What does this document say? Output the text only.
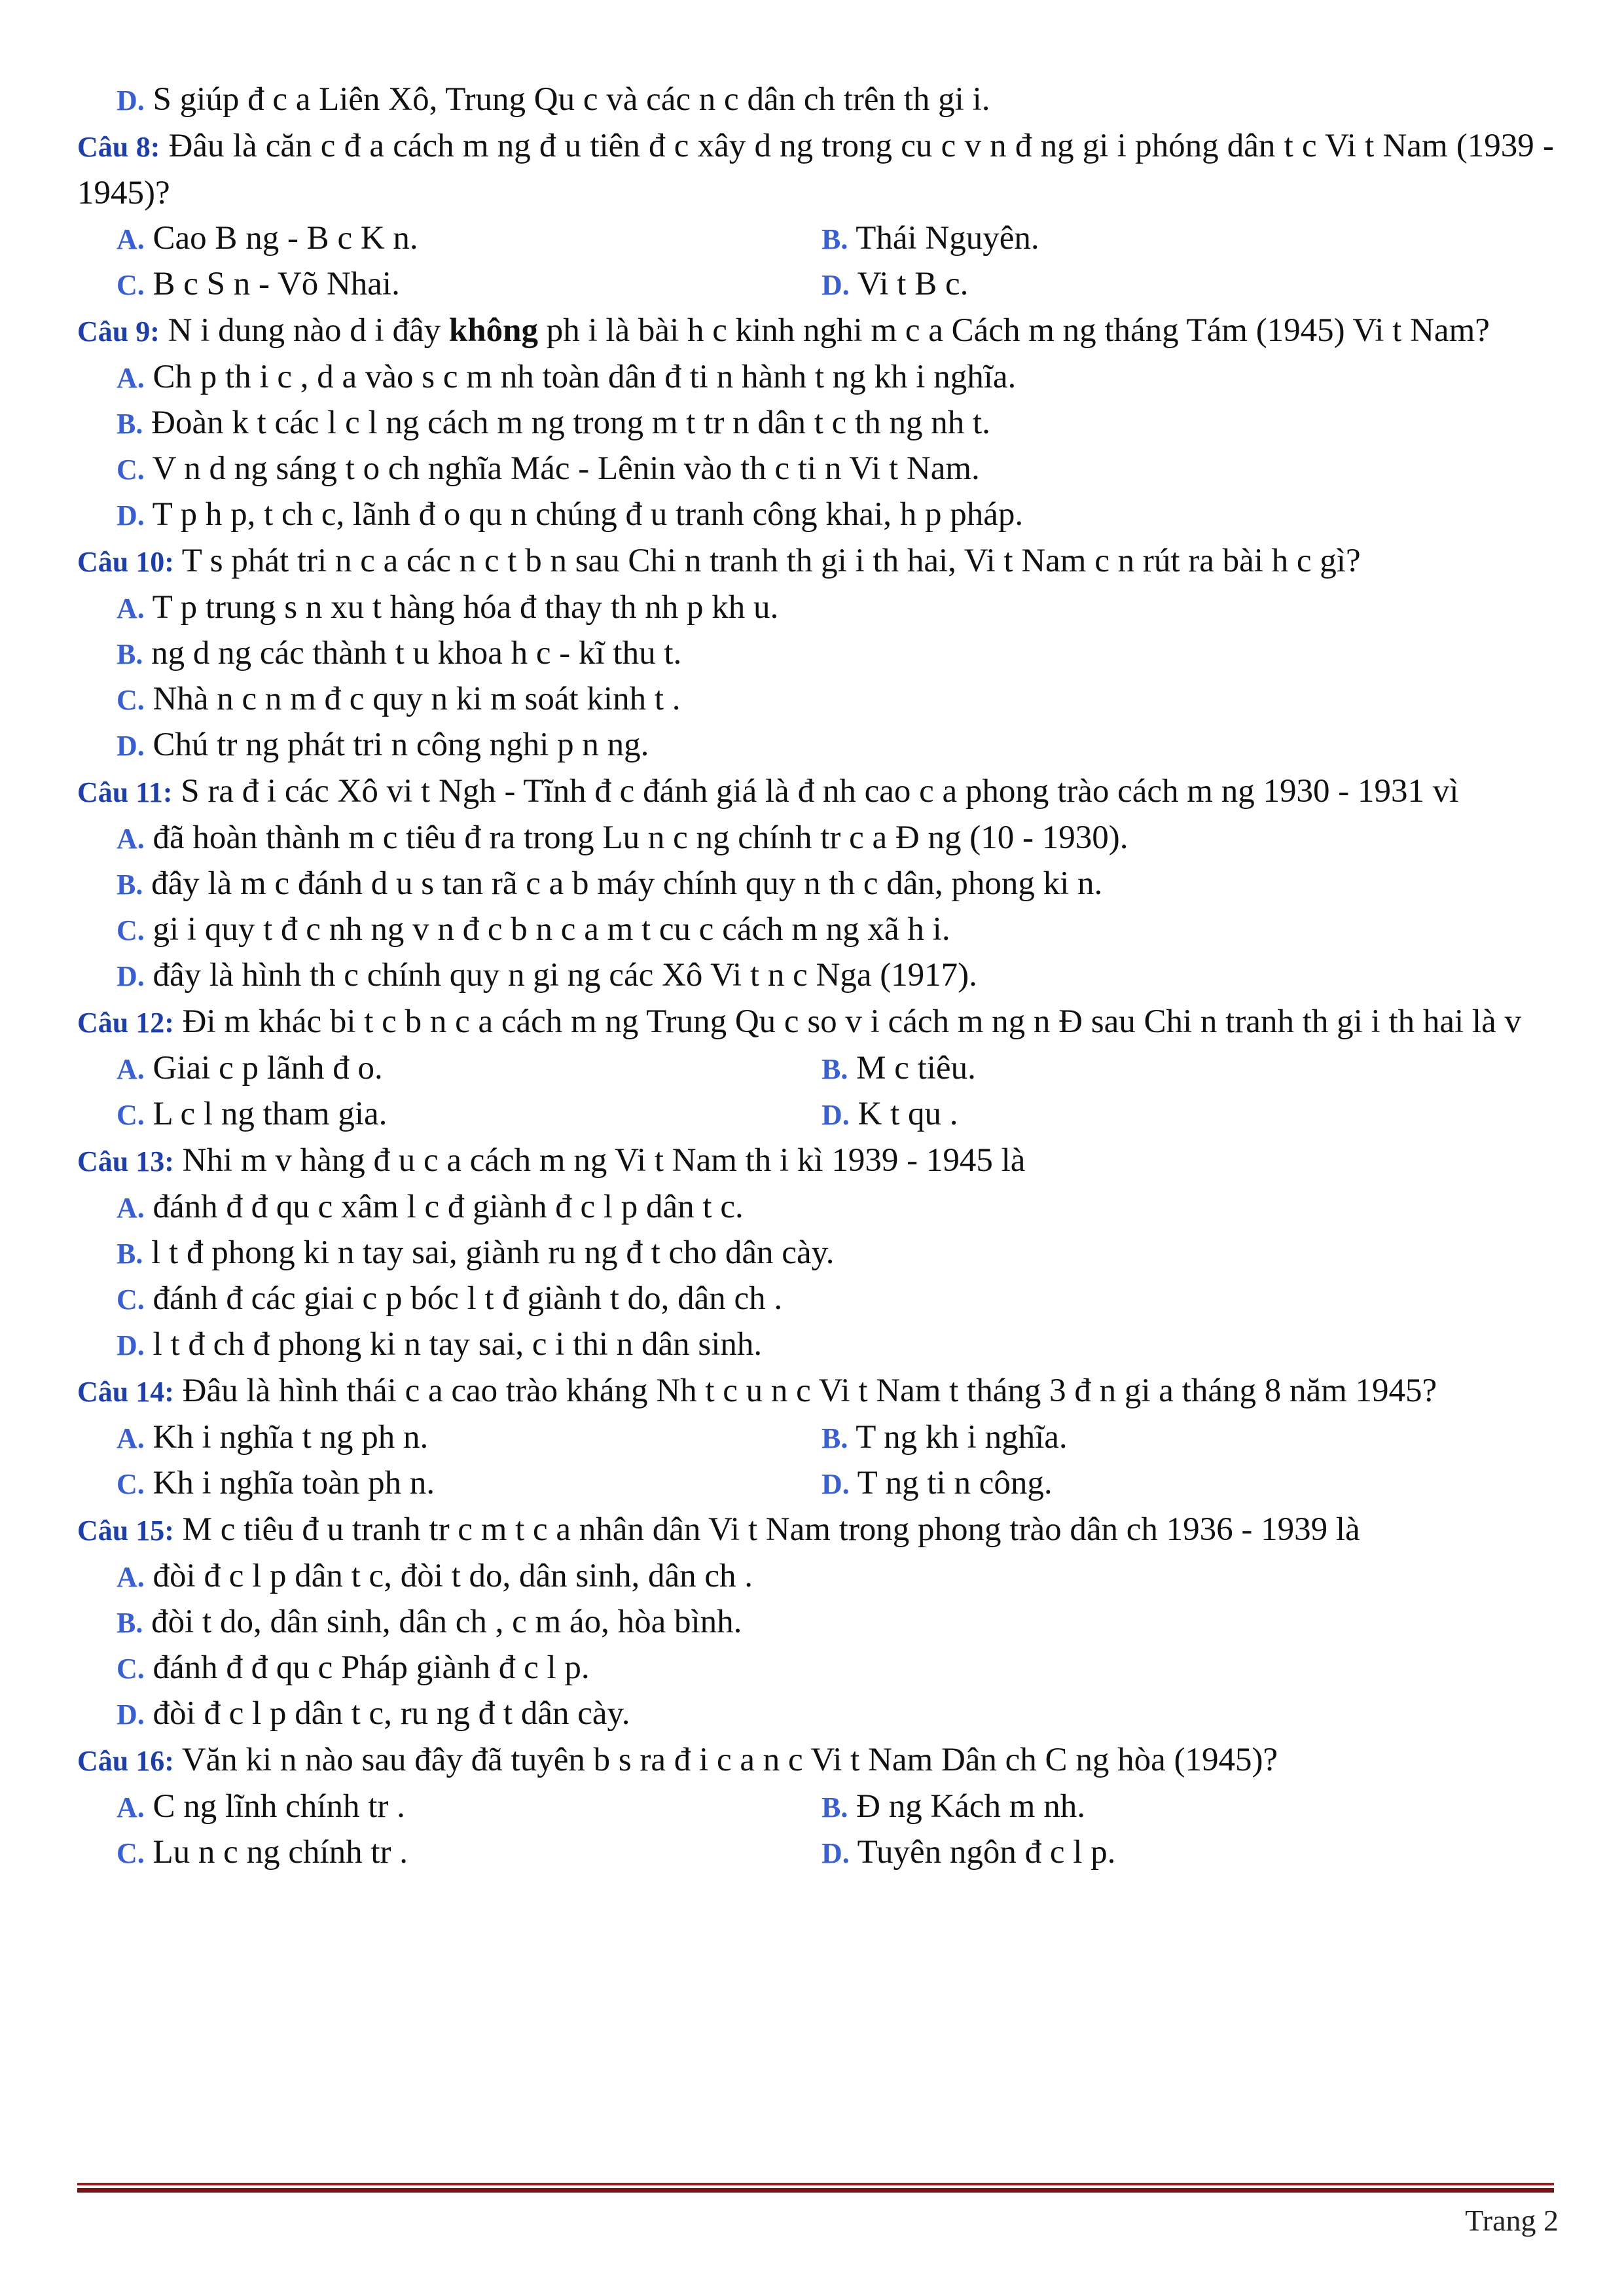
D. S giúp đ c a Liên Xô, Trung Qu c và các n c dân ch trên th gi i.

Câu 8: Đâu là căn c đ a cách m ng đ u tiên đ c xây d ng trong cu c v n đ ng gi i phóng dân t c Vi t Nam (1939 - 1945)?

A. Cao B ng - B c K n.	B. Thái Nguyên.

C. B c S n - Võ Nhai.	D. Vi t B c.

Câu 9: N i dung nào d i đây không ph i là bài h c kinh nghi m c a Cách m ng tháng Tám (1945) Vi t Nam?

A. Ch p th i c , d a vào s c m nh toàn dân đ ti n hành t ng kh i nghĩa.

B. Đoàn k t các l c l ng cách m ng trong m t tr n dân t c th ng nh t.

C. V n d ng sáng t o ch nghĩa Mác - Lênin vào th c ti n Vi t Nam.

D. T p h p, t ch c, lãnh đ o qu n chúng đ u tranh công khai, h p pháp.

Câu 10: T s phát tri n c a các n c t b n sau Chi n tranh th gi i th hai, Vi t Nam c n rút ra bài h c gì?

A. T p trung s n xu t hàng hóa đ thay th nh p kh u.

B. ng d ng các thành t u khoa h c - kĩ thu t.

C. Nhà n c n m đ c quy n ki m soát kinh t .

D. Chú tr ng phát tri n công nghi p n ng.

Câu 11: S ra đ i các Xô vi t Ngh - Tĩnh đ c đánh giá là đ nh cao c a phong trào cách m ng 1930 - 1931 vì

A. đã hoàn thành m c tiêu đ ra trong Lu n c ng chính tr c a Đ ng (10 - 1930).

B. đây là m c đánh d u s tan rã c a b máy chính quy n th c dân, phong ki n.

C. gi i quy t đ c nh ng v n đ c b n c a m t cu c cách m ng xã h i.

D. đây là hình th c chính quy n gi ng các Xô Vi t n c Nga (1917).

Câu 12: Đi m khác bi t c b n c a cách m ng Trung Qu c so v i cách m ng n Đ sau Chi n tranh th gi i th hai là v

A. Giai c p lãnh đ o.	B. M c tiêu.

C. L c l ng tham gia.	D. K t qu .

Câu 13: Nhi m v hàng đ u c a cách m ng Vi t Nam th i kì 1939 - 1945 là

A. đánh đ đ qu c xâm l c đ giành đ c l p dân t c.

B. l t đ phong ki n tay sai, giành ru ng đ t cho dân cày.

C. đánh đ các giai c p bóc l t đ giành t do, dân ch .

D. l t đ ch đ phong ki n tay sai, c i thi n dân sinh.

Câu 14: Đâu là hình thái c a cao trào kháng Nh t c u n c Vi t Nam t tháng 3 đ n gi a tháng 8 năm 1945?

A. Kh i nghĩa t ng ph n.	B. T ng kh i nghĩa.

C. Kh i nghĩa toàn ph n.	D. T ng ti n công.

Câu 15: M c tiêu đ u tranh tr c m t c a nhân dân Vi t Nam trong phong trào dân ch 1936 - 1939 là

A. đòi đ c l p dân t c, đòi t do, dân sinh, dân ch .

B. đòi t do, dân sinh, dân ch , c m áo, hòa bình.

C. đánh đ đ qu c Pháp giành đ c l p.

D. đòi đ c l p dân t c, ru ng đ t dân cày.

Câu 16: Văn ki n nào sau đây đã tuyên b s ra đ i c a n c Vi t Nam Dân ch C ng hòa (1945)?

A. C ng lĩnh chính tr .	B. Đ ng Kách m nh.

C. Lu n c ng chính tr .	D. Tuyên ngôn đ c l p.

Trang 2
